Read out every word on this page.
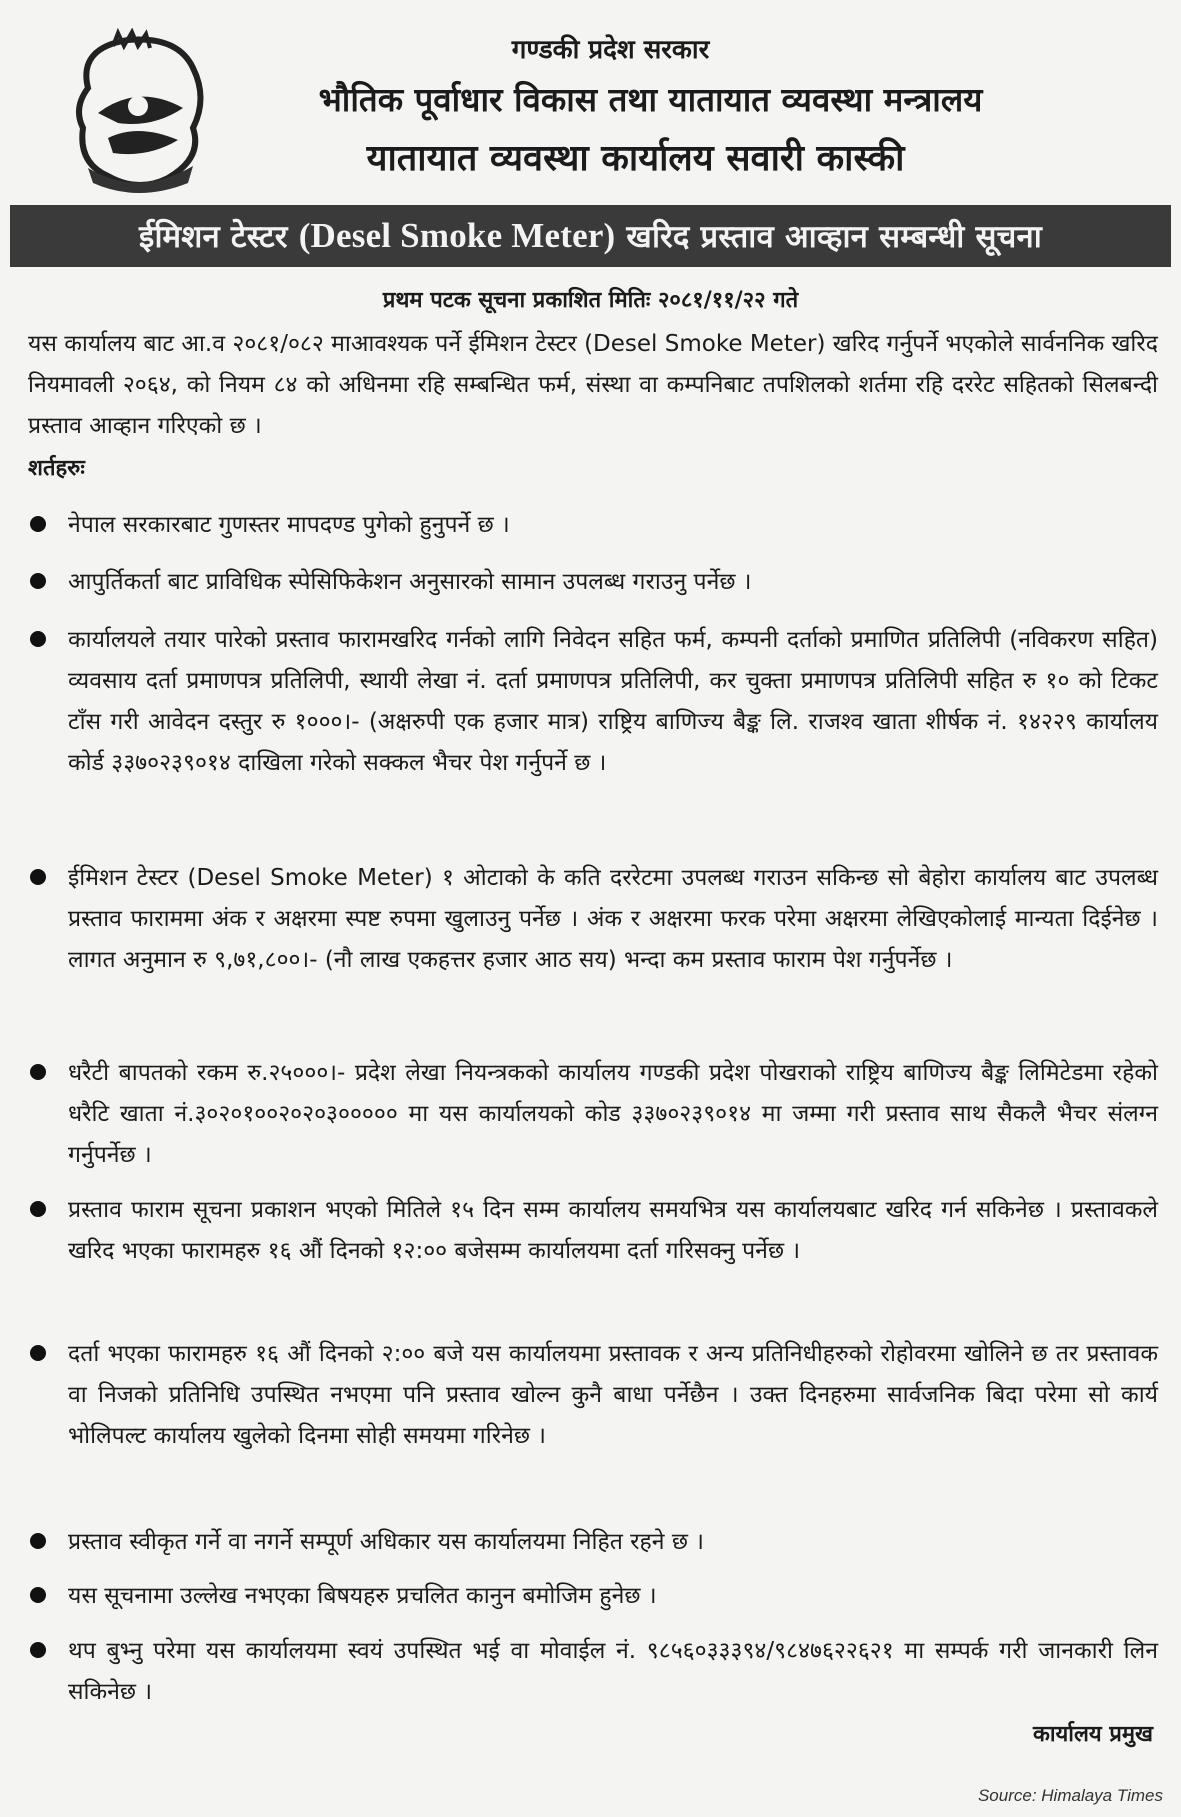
गण्डकी प्रदेश सरकार
भौतिक पूर्वाधार विकास तथा यातायात व्यवस्था मन्त्रालय
यातायात व्यवस्था कार्यालय सवारी कास्की
ईमिशन टेस्टर
(Desel Smoke Meter)
खरिद प्रस्ताव आव्हान सम्बन्धी सूचना
प्रथम पटक सूचना प्रकाशित मितिः २०८१/११/२२ गते
यस कार्यालय बाट आ.व २०८१/०८२ माआवश्यक पर्ने ईमिशन टेस्टर (Desel Smoke Meter) खरिद गर्नुपर्ने भएकोले सार्वननिक खरिद नियमावली २०६४, को नियम ८४ को अधिनमा रहि सम्बन्धित फर्म, संस्था वा कम्पनिबाट तपशिलको शर्तमा रहि दररेट सहितको सिलबन्दी प्रस्ताव आव्हान गरिएको छ ।
शर्तहरुः
नेपाल सरकारबाट गुणस्तर मापदण्ड पुगेको हुनुपर्ने छ ।
आपुर्तिकर्ता बाट प्राविधिक स्पेसिफिकेशन अनुसारको सामान उपलब्ध गराउनु पर्नेछ ।
कार्यालयले तयार पारेको प्रस्ताव फारामखरिद गर्नको लागि निवेदन सहित फर्म, कम्पनी दर्ताको प्रमाणित प्रतिलिपी (नविकरण सहित) व्यवसाय दर्ता प्रमाणपत्र प्रतिलिपी, स्थायी लेखा नं. दर्ता प्रमाणपत्र प्रतिलिपी, कर चुक्ता प्रमाणपत्र प्रतिलिपी सहित रु १० को टिकट टाँस गरी आवेदन दस्तुर रु १०००।- (अक्षरुपी एक हजार मात्र) राष्ट्रिय बाणिज्य बैङ्क लि. राजश्व खाता शीर्षक नं. १४२२९ कार्यालय कोर्ड ३३७०२३९०१४ दाखिला गरेको सक्कल भैचर पेश गर्नुपर्ने छ ।
ईमिशन टेस्टर (Desel Smoke Meter) १ ओटाको के कति दररेटमा उपलब्ध गराउन सकिन्छ सो बेहोरा कार्यालय बाट उपलब्ध प्रस्ताव फाराममा अंक र अक्षरमा स्पष्ट रुपमा खुलाउनु पर्नेछ । अंक र अक्षरमा फरक परेमा अक्षरमा लेखिएकोलाई मान्यता दिईनेछ । लागत अनुमान रु ९,७१,८००।- (नौ लाख एकहत्तर हजार आठ सय) भन्दा कम प्रस्ताव फाराम पेश गर्नुपर्नेछ ।
धरैटी बापतको रकम रु.२५०००।- प्रदेश लेखा नियन्त्रकको कार्यालय गण्डकी प्रदेश पोखराको राष्ट्रिय बाणिज्य बैङ्क लिमिटेडमा रहेको धरैटि खाता नं.३०२०१००२०२०३००००० मा यस कार्यालयको कोड ३३७०२३९०१४ मा जम्मा गरी प्रस्ताव साथ सैकलै भैचर संलग्न गर्नुपर्नेछ ।
प्रस्ताव फाराम सूचना प्रकाशन भएको मितिले १५ दिन सम्म कार्यालय समयभित्र यस कार्यालयबाट खरिद गर्न सकिनेछ । प्रस्तावकले खरिद भएका फारामहरु १६ औं दिनको १२:०० बजेसम्म कार्यालयमा दर्ता गरिसक्नु पर्नेछ ।
दर्ता भएका फारामहरु १६ औं दिनको २:०० बजे यस कार्यालयमा प्रस्तावक र अन्य प्रतिनिधीहरुको रोहोवरमा खोलिने छ तर प्रस्तावक वा निजको प्रतिनिधि उपस्थित नभएमा पनि प्रस्ताव खोल्न कुनै बाधा पर्नेछैन । उक्त दिनहरुमा सार्वजनिक बिदा परेमा सो कार्य भोलिपल्ट कार्यालय खुलेको दिनमा सोही समयमा गरिनेछ ।
प्रस्ताव स्वीकृत गर्ने वा नगर्ने सम्पूर्ण अधिकार यस कार्यालयमा निहित रहने छ ।
यस सूचनामा उल्लेख नभएका बिषयहरु प्रचलित कानुन बमोजिम हुनेछ ।
थप बुभ्नु परेमा यस कार्यालयमा स्वयं उपस्थित भई वा मोवाईल नं. ९८५६०३३३९४/९८४७६२२६२१ मा सम्पर्क गरी जानकारी लिन सकिनेछ ।
कार्यालय प्रमुख
Source: Himalaya Times
